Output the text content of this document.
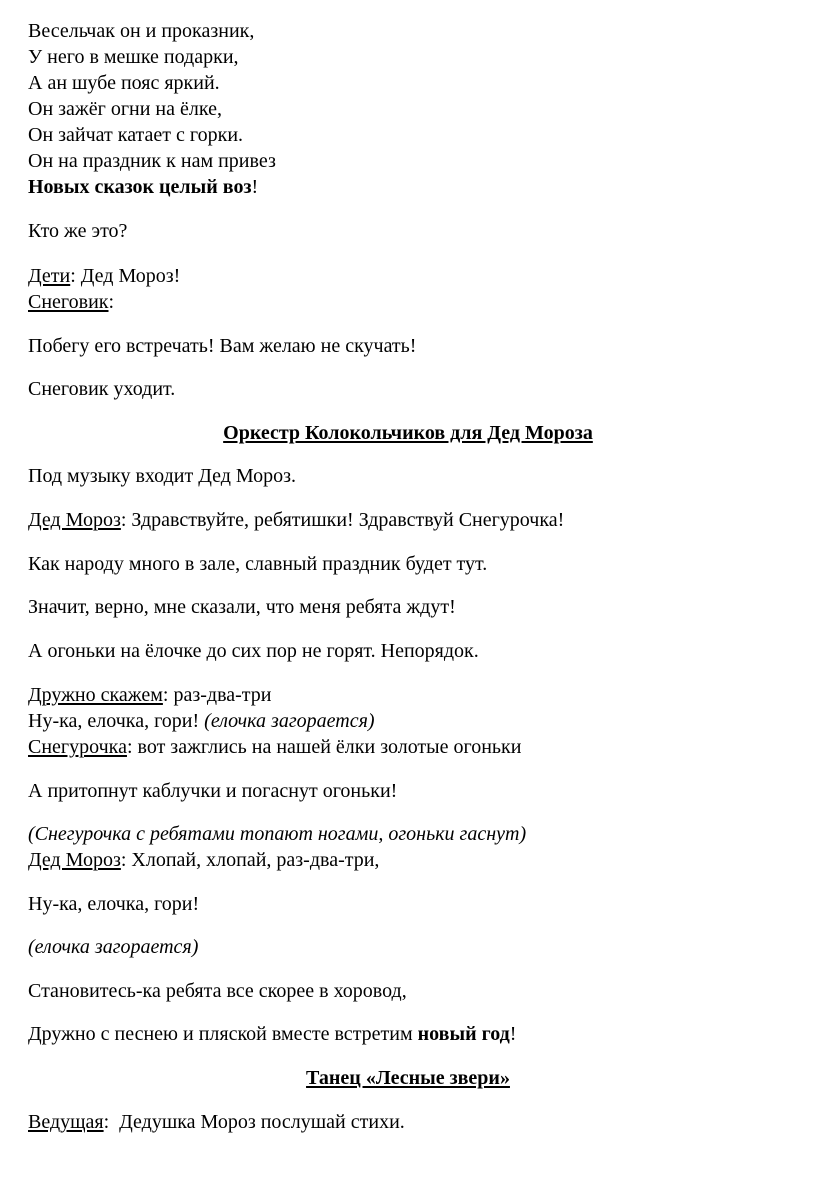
Весельчак он и проказник,
У него в мешке подарки,
А ан шубе пояс яркий.
Он зажёг огни на ёлке,
Он зайчат катает с горки.
Он на праздник к нам привез
Новых сказок целый воз!
Кто же это?
Дети: Дед Мороз!
Снеговик:
Побегу его встречать! Вам желаю не скучать!
Снеговик уходит.
Оркестр Колокольчиков для Дед Мороза
Под музыку входит Дед Мороз.
Дед Мороз: Здравствуйте, ребятишки! Здравствуй Снегурочка!
Как народу много в зале, славный праздник будет тут.
Значит, верно, мне сказали, что меня ребята ждут!
А огоньки на ёлочке до сих пор не горят. Непорядок.
Дружно скажем: раз-два-три
Ну-ка, елочка, гори! (елочка загорается)
Снегурочка: вот зажглись на нашей ёлки золотые огоньки
А притопнут каблучки и погаснут огоньки!
(Снегурочка с ребятами топают ногами, огоньки гаснут)
Дед Мороз: Хлопай, хлопай, раз-два-три,
Ну-ка, елочка, гори!
(елочка загорается)
Становитесь-ка ребята все скорее в хоровод,
Дружно с песнею и пляской вместе встретим новый год!
Танец «Лесные звери»
Ведущая:  Дедушка Мороз послушай стихи.
